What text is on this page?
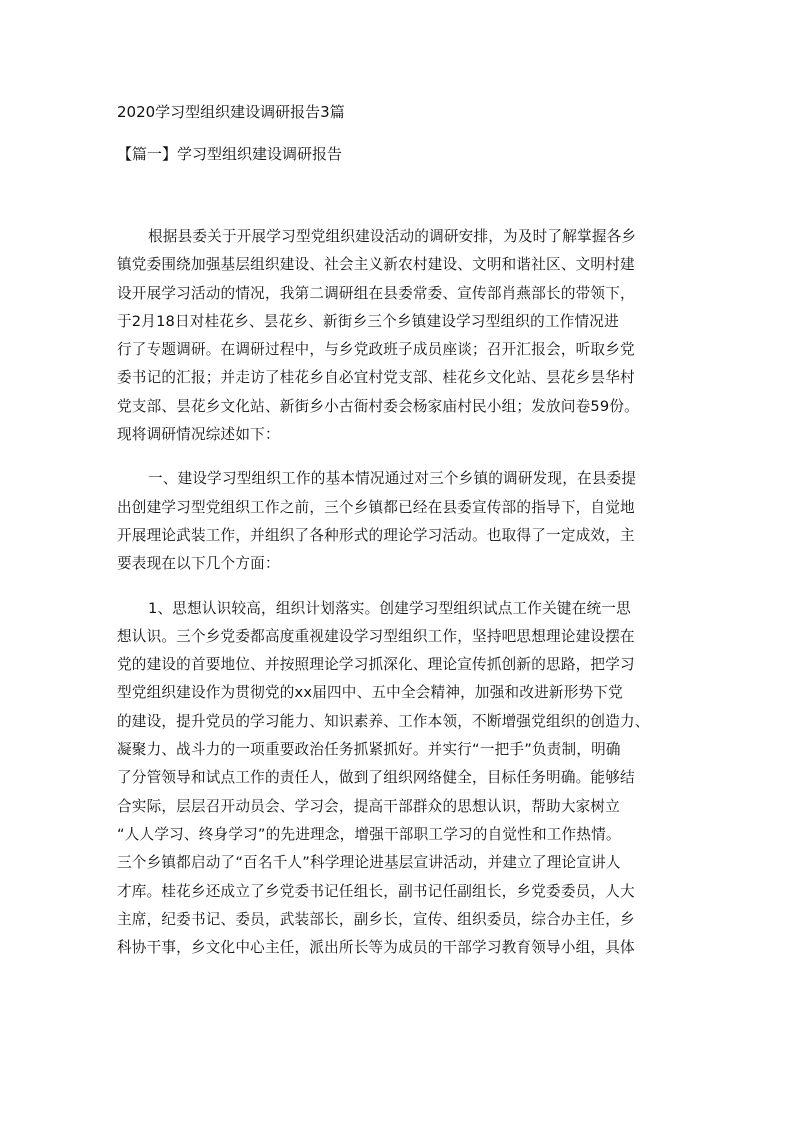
2020学习型组织建设调研报告3篇
【篇一】学习型组织建设调研报告

根据县委关于开展学习型党组织建设活动的调研安排，为及时了解掌握各乡
镇党委围绕加强基层组织建设、社会主义新农村建设、文明和谐社区、文明村建
设开展学习活动的情况，我第二调研组在县委常委、宣传部肖燕部长的带领下，
于2月18日对桂花乡、昙花乡、新街乡三个乡镇建设学习型组织的工作情况进
行了专题调研。在调研过程中，与乡党政班子成员座谈；召开汇报会，听取乡党
委书记的汇报；并走访了桂花乡自必宜村党支部、桂花乡文化站、昙花乡昙华村
党支部、昙花乡文化站、新街乡小古衙村委会杨家庙村民小组；发放问卷59份。
现将调研情况综述如下：

一、建设学习型组织工作的基本情况通过对三个乡镇的调研发现，在县委提
出创建学习型党组织工作之前，三个乡镇都已经在县委宣传部的指导下，自觉地
开展理论武装工作，并组织了各种形式的理论学习活动。也取得了一定成效，主
要表现在以下几个方面：

1、思想认识较高，组织计划落实。创建学习型组织试点工作关键在统一思
想认识。三个乡党委都高度重视建设学习型组织工作，坚持吧思想理论建设摆在
党的建设的首要地位、并按照理论学习抓深化、理论宣传抓创新的思路，把学习
型党组织建设作为贯彻党的xx届四中、五中全会精神，加强和改进新形势下党
的建设，提升党员的学习能力、知识素养、工作本领，不断增强党组织的创造力、
凝聚力、战斗力的一项重要政治任务抓紧抓好。并实行“一把手”负责制，明确
了分管领导和试点工作的责任人，做到了组织网络健全，目标任务明确。能够结
合实际，层层召开动员会、学习会，提高干部群众的思想认识，帮助大家树立
“人人学习、终身学习”的先进理念，增强干部职工学习的自觉性和工作热情。
三个乡镇都启动了“百名千人”科学理论进基层宣讲活动，并建立了理论宣讲人
才库。桂花乡还成立了乡党委书记任组长，副书记任副组长，乡党委委员，人大
主席，纪委书记、委员，武装部长，副乡长，宣传、组织委员，综合办主任，乡
科协干事，乡文化中心主任，派出所长等为成员的干部学习教育领导小组，具体
